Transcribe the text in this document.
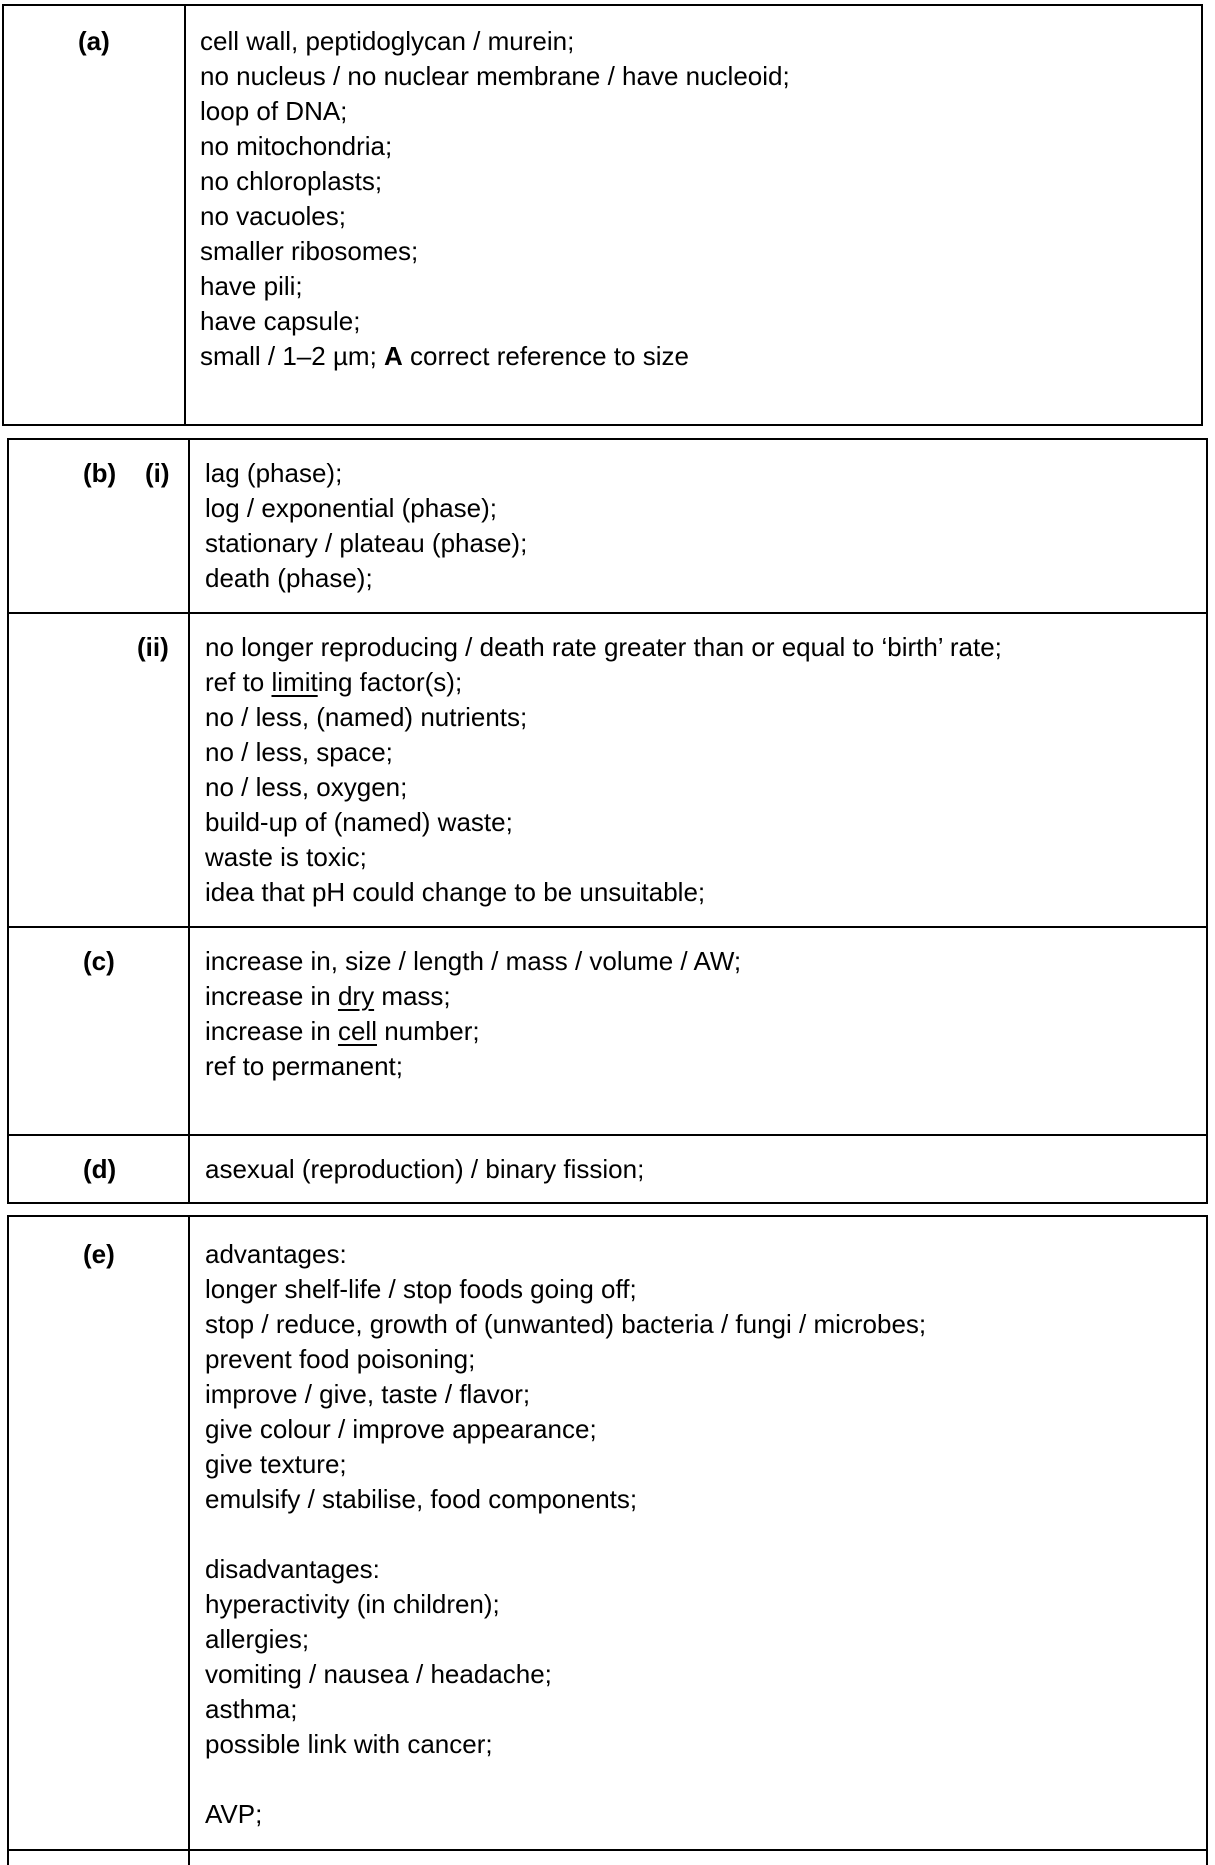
(a)	cell wall, peptidoglycan / murein;
no nucleus / no nuclear membrane / have nucleoid;
loop of DNA;
no mitochondria;
no chloroplasts;
no vacuoles;
smaller ribosomes;
have pili;
have capsule;
small / 1–2 µm; A correct reference to size
(b) (i) lag (phase);
log / exponential (phase);
stationary / plateau (phase);
death (phase);
(ii) no longer reproducing / death rate greater than or equal to ‘birth’ rate;
ref to limiting factor(s);
no / less, (named) nutrients;
no / less, space;
no / less, oxygen;
build-up of (named) waste;
waste is toxic;
idea that pH could change to be unsuitable;
(c)	increase in, size / length / mass / volume / AW;
increase in dry mass;
increase in cell number;
ref to permanent;
(d)	asexual (reproduction) / binary fission;
(e)	advantages:
longer shelf-life / stop foods going off;
stop / reduce, growth of (unwanted) bacteria / fungi / microbes;
prevent food poisoning;
improve / give, taste / flavor;
give colour / improve appearance;
give texture;
emulsify / stabilise, food components;
disadvantages:
hyperactivity (in children);
allergies;
vomiting / nausea / headache;
asthma;
possible link with cancer;
AVP;
